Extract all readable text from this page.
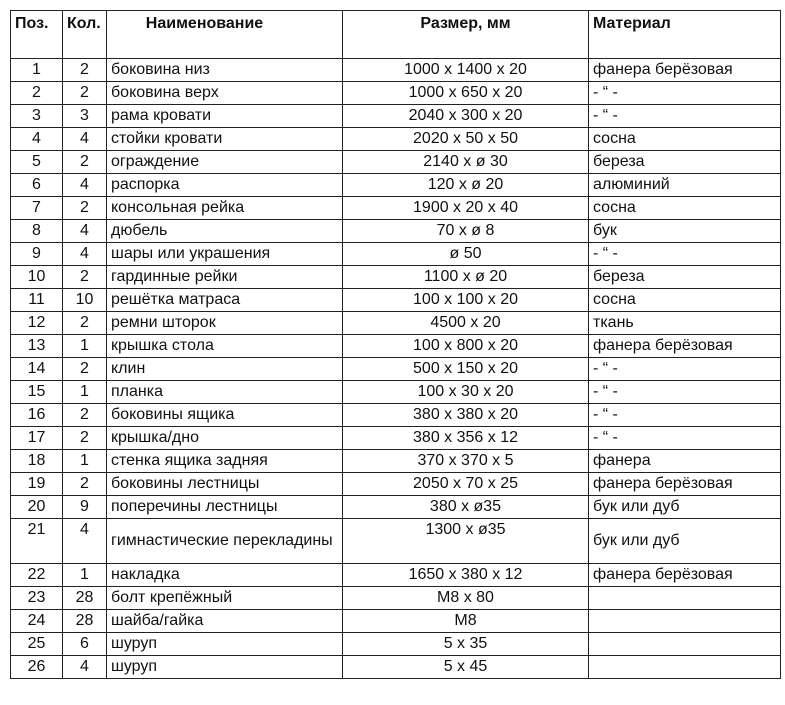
Поз.	Кол.	Наименование	Размер, мм	Материал
1	2	боковина низ	1000 x 1400 x 20	фанера берёзовая
2	2	боковина верх	1000 x 650 x 20	- “ -
3	3	рама кровати	2040 x 300 x 20	- “ -
4	4	стойки кровати	2020 x 50 x 50	сосна
5	2	ограждение	2140 x ø 30	береза
6	4	распорка	120 x ø 20	алюминий
7	2	консольная рейка	1900 x 20 x 40	сосна
8	4	дюбель	70 x ø 8	бук
9	4	шары или украшения	ø 50	- “ -
10	2	гардинные рейки	1100 x ø 20	береза
11	10	решётка матраса	100 x 100 x 20	сосна
12	2	ремни шторок	4500 x 20	ткань
13	1	крышка стола	100 x 800 x 20	фанера берёзовая
14	2	клин	500 x 150 x 20	- “ -
15	1	планка	100 x 30 x 20	- “ -
16	2	боковины ящика	380 x 380 x 20	- “ -
17	2	крышка/дно	380 x 356 x 12	- “ -
18	1	стенка ящика задняя	370 x 370 x 5	фанера
19	2	боковины лестницы	2050 x 70 x 25	фанера берёзовая
20	9	поперечины лестницы	380 x ø35	бук или дуб
21	4	гимнастические перекладины	1300 x ø35	бук или дуб
22	1	накладка	1650 x 380 x 12	фанера берёзовая
23	28	болт крепёжный	M8 x 80	
24	28	шайба/гайка	M8	
25	6	шуруп	5 x 35	
26	4	шуруп	5 x 45	
